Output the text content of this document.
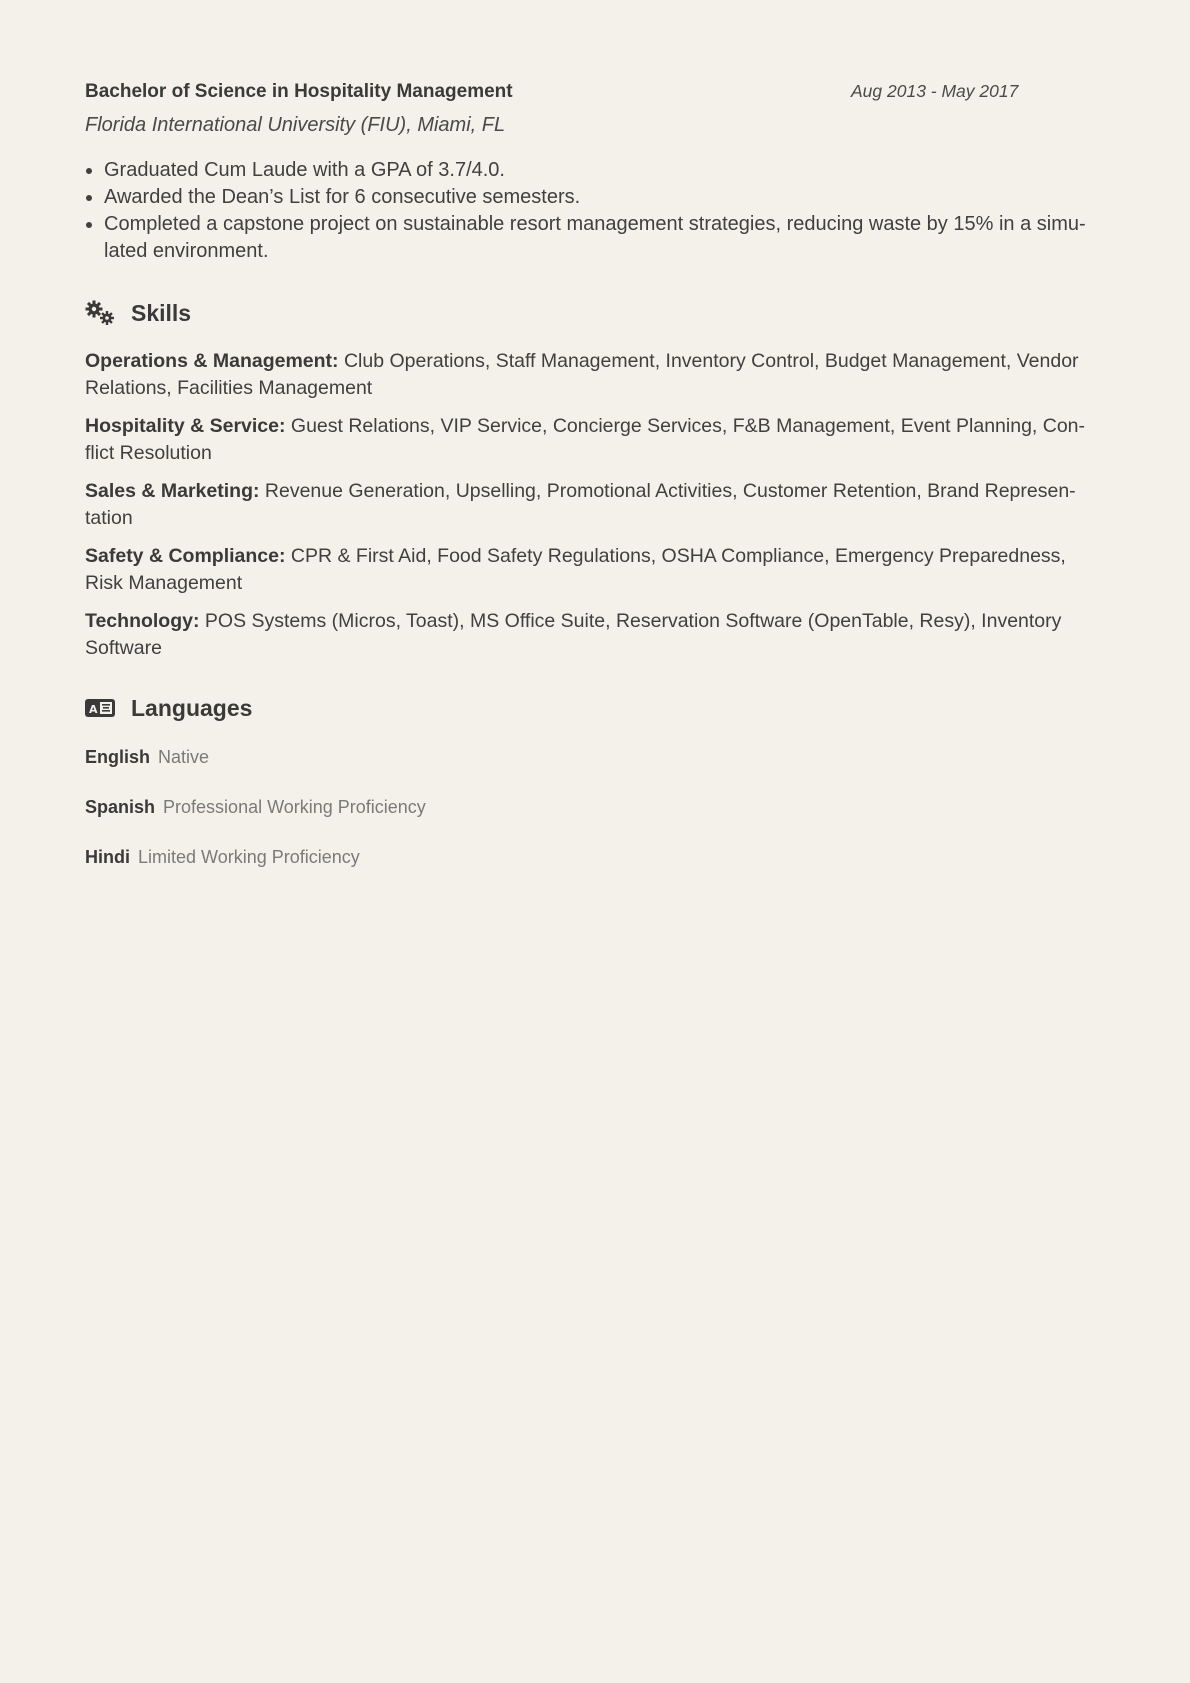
Bachelor of Science in Hospitality Management	Aug 2013 - May 2017
Florida International University (FIU), Miami, FL
• Graduated Cum Laude with a GPA of 3.7/4.0.
• Awarded the Dean’s List for 6 consecutive semesters.
• Completed a capstone project on sustainable resort management strategies, reducing waste by 15% in a simu-lated environment.
Skills
Operations & Management: Club Operations, Staff Management, Inventory Control, Budget Management, Vendor Relations, Facilities Management
Hospitality & Service: Guest Relations, VIP Service, Concierge Services, F&B Management, Event Planning, Con-flict Resolution
Sales & Marketing: Revenue Generation, Upselling, Promotional Activities, Customer Retention, Brand Represen-tation
Safety & Compliance: CPR & First Aid, Food Safety Regulations, OSHA Compliance, Emergency Preparedness, Risk Management
Technology: POS Systems (Micros, Toast), MS Office Suite, Reservation Software (OpenTable, Resy), Inventory Software
A Languages
English Native
Spanish Professional Working Proficiency
Hindi Limited Working Proficiency
